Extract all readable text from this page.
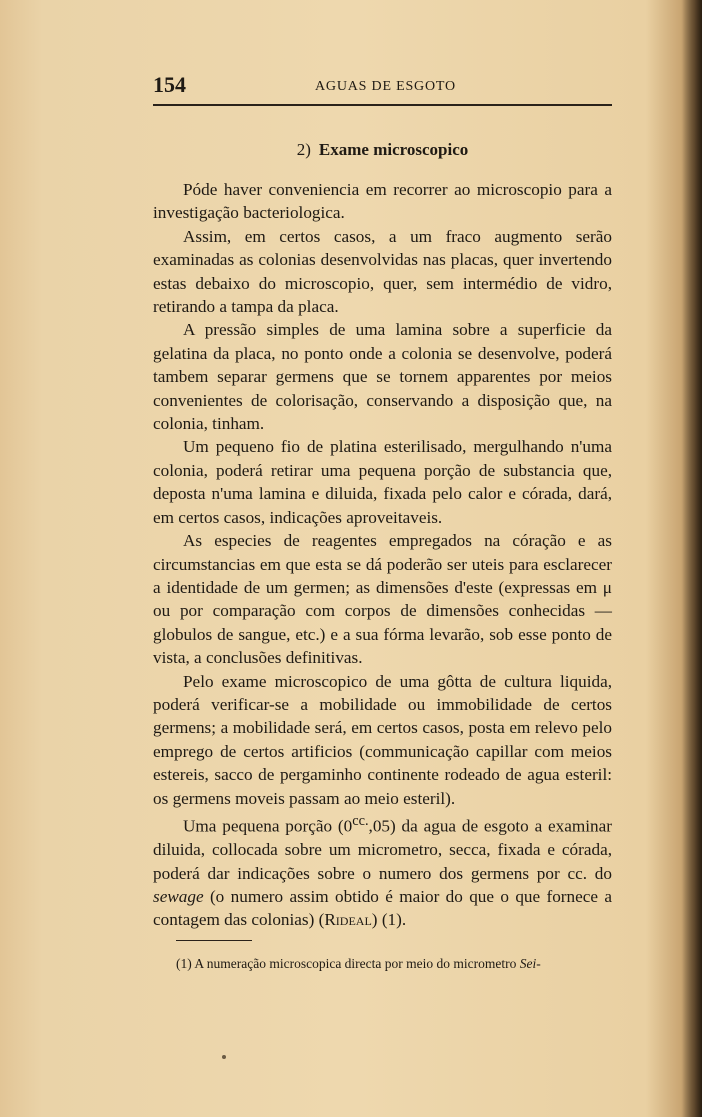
154	AGUAS DE ESGOTO
2) Exame microscopico

Póde haver conveniencia em recorrer ao microscopio para a investigação bacteriologica.

Assim, em certos casos, a um fraco augmento serão examinadas as colonias desenvolvidas nas placas, quer invertendo estas debaixo do microscopio, quer, sem intermédio de vidro, retirando a tampa da placa.

A pressão simples de uma lamina sobre a superficie da gelatina da placa, no ponto onde a colonia se desenvolve, poderá tambem separar germens que se tornem apparentes por meios convenientes de colorisação, conservando a disposição que, na colonia, tinham.

Um pequeno fio de platina esterilisado, mergulhando n'uma colonia, poderá retirar uma pequena porção de substancia que, deposta n'uma lamina e diluida, fixada pelo calor e córada, dará, em certos casos, indicações aproveitaveis.

As especies de reagentes empregados na córação e as circumstancias em que esta se dá poderão ser uteis para esclarecer a identidade de um germen; as dimensões d'este (expressas em μ ou por comparação com corpos de dimensões conhecidas — globulos de sangue, etc.) e a sua fórma levarão, sob esse ponto de vista, a conclusões definitivas.

Pelo exame microscopico de uma gôtta de cultura liquida, poderá verificar-se a mobilidade ou immobilidade de certos germens; a mobilidade será, em certos casos, posta em relevo pelo emprego de certos artificios (communicação capillar com meios estereis, sacco de pergaminho continente rodeado de agua esteril: os germens moveis passam ao meio esteril).

Uma pequena porção $(0^{cc.},05)$ da agua de esgoto a examinar diluida, collocada sobre um micrometro, secca, fixada e córada, poderá dar indicações sobre o numero dos germens por cc. do sewage (o numero assim obtido é maior do que o que fornece a contagem das colonias) (Rideal) (1).

(1) A numeração microscopica directa por meio do micrometro Sei-
